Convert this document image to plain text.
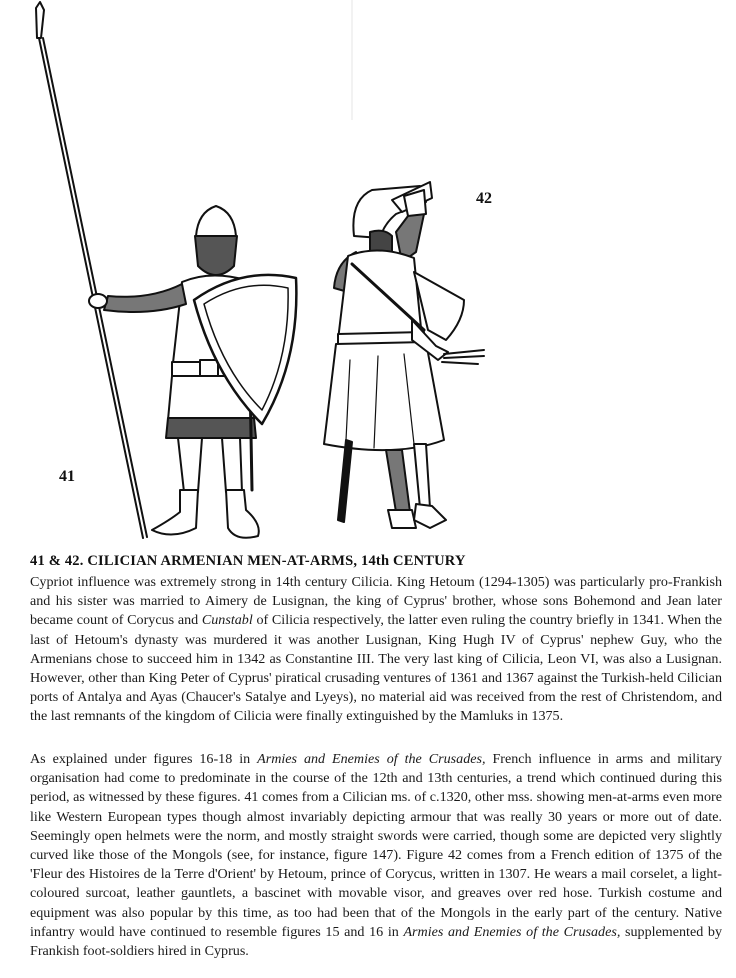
41
42
41 & 42. CILICIAN ARMENIAN MEN-AT-ARMS, 14th CENTURY

Cypriot influence was extremely strong in 14th century Cilicia. King Hetoum (1294-1305) was particularly pro-Frankish and his sister was married to Aimery de Lusignan, the king of Cyprus' brother, whose sons Bohemond and Jean later became count of Corycus and Cunstabl of Cilicia respectively, the latter even ruling the country briefly in 1341. When the last of Hetoum's dynasty was murdered it was another Lusignan, King Hugh IV of Cyprus' nephew Guy, who the Armenians chose to succeed him in 1342 as Constantine III. The very last king of Cilicia, Leon VI, was also a Lusignan. However, other than King Peter of Cyprus' piratical crusading ventures of 1361 and 1367 against the Turkish-held Cilician ports of Antalya and Ayas (Chaucer's Satalye and Lyeys), no material aid was received from the rest of Christendom, and the last remnants of the kingdom of Cilicia were finally extinguished by the Mamluks in 1375.

As explained under figures 16-18 in Armies and Enemies of the Crusades, French influence in arms and military organisation had come to predominate in the course of the 12th and 13th centuries, a trend which continued during this period, as witnessed by these figures. 41 comes from a Cilician ms. of c.1320, other mss. showing men-at-arms even more like Western European types though almost invariably depicting armour that was really 30 years or more out of date. Seemingly open helmets were the norm, and mostly straight swords were carried, though some are depicted very slightly curved like those of the Mongols (see, for instance, figure 147). Figure 42 comes from a French edition of 1375 of the 'Fleur des Histoires de la Terre d'Orient' by Hetoum, prince of Corycus, written in 1307. He wears a mail corselet, a light-coloured surcoat, leather gauntlets, a bascinet with movable visor, and greaves over red hose. Turkish costume and equipment was also popular by this time, as too had been that of the Mongols in the early part of the century. Native infantry would have continued to resemble figures 15 and 16 in Armies and Enemies of the Crusades, supplemented by Frankish foot-soldiers hired in Cyprus.
